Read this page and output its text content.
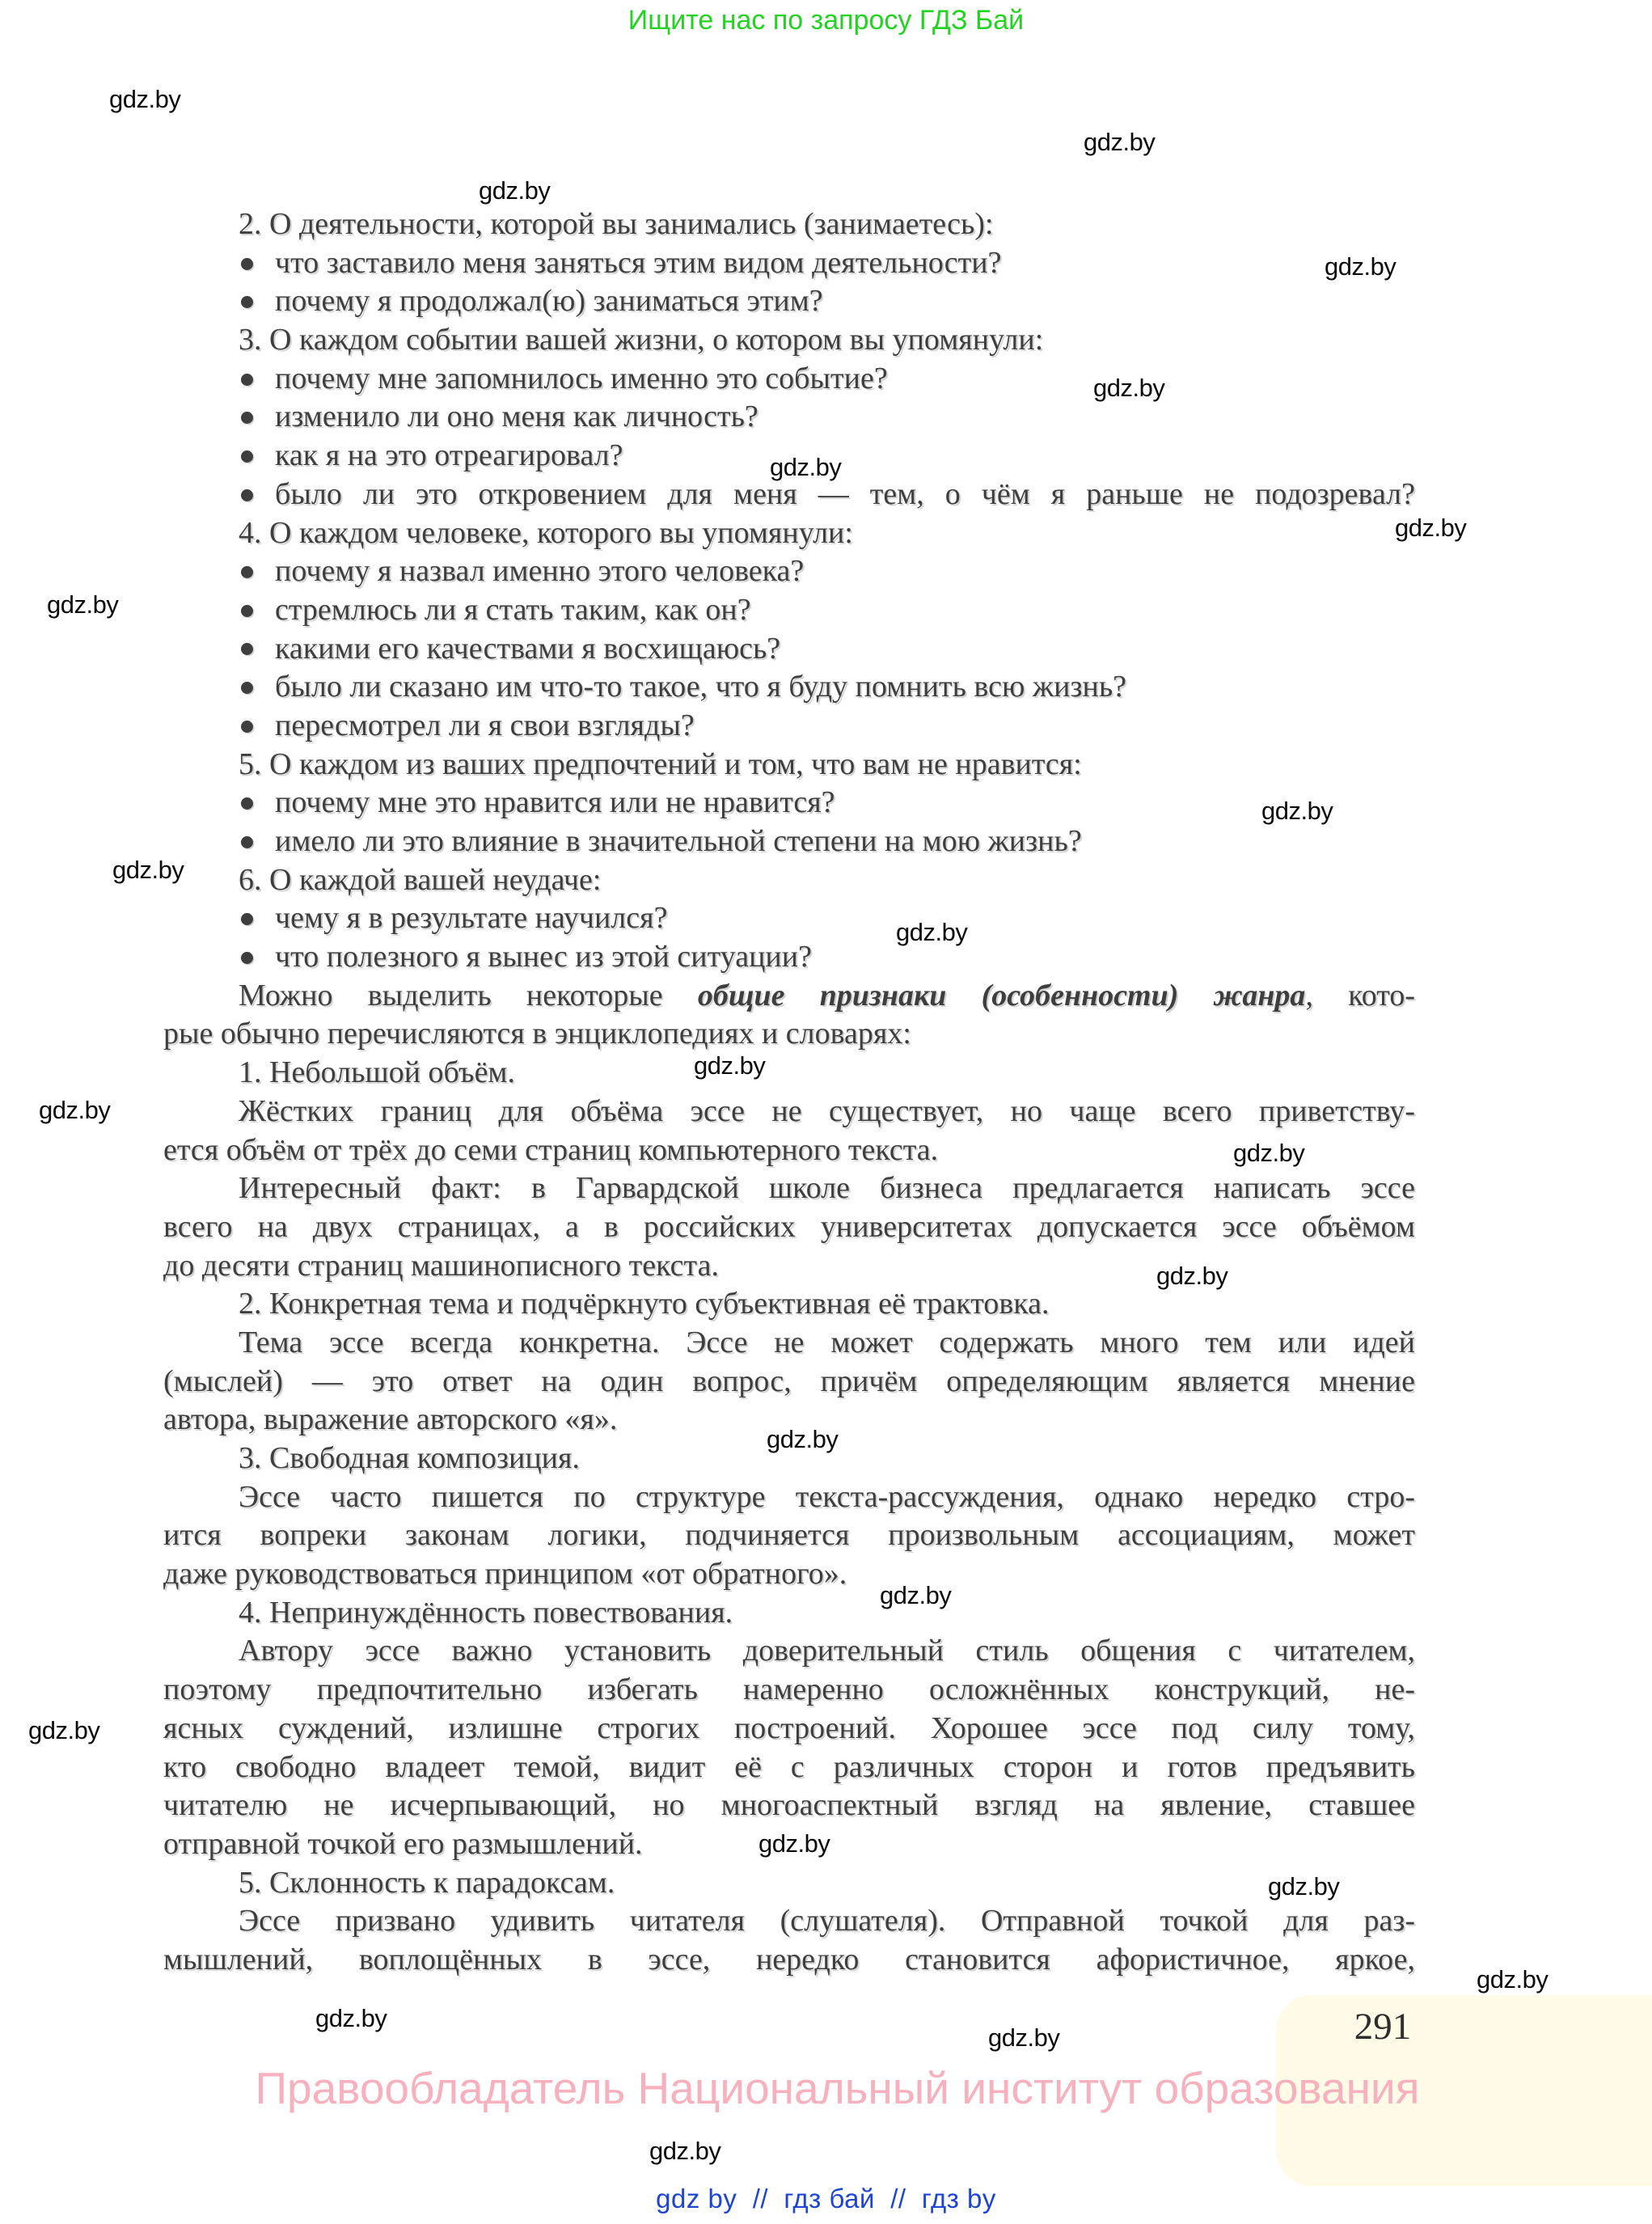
Ищите нас по запросу ГДЗ Бай
gdz.by
gdz.by
gdz.by
gdz.by
gdz.by
gdz.by
gdz.by
gdz.by
gdz.by
gdz.by
gdz.by
gdz.by
gdz.by
gdz.by
gdz.by
gdz.by
gdz.by
gdz.by
gdz.by
gdz.by
gdz.by
gdz.by
gdz.by
gdz.by
291
2. О деятельности, которой вы занимались (занимаетесь):
что заставило меня заняться этим видом деятельности?
почему я продолжал(ю) заниматься этим?
3. О каждом событии вашей жизни, о котором вы упомянули:
почему мне запомнилось именно это событие?
изменило ли оно меня как личность?
как я на это отреагировал?
было ли это откровением для меня — тем, о чём я раньше не подозревал?
4. О каждом человеке, которого вы упомянули:
почему я назвал именно этого человека?
стремлюсь ли я стать таким, как он?
какими его качествами я восхищаюсь?
было ли сказано им что-то такое, что я буду помнить всю жизнь?
пересмотрел ли я свои взгляды?
5. О каждом из ваших предпочтений и том, что вам не нравится:
почему мне это нравится или не нравится?
имело ли это влияние в значительной степени на мою жизнь?
6. О каждой вашей неудаче:
чему я в результате научился?
что полезного я вынес из этой ситуации?
Можно выделить некоторые общие признаки (особенности) жанра, кото-
рые обычно перечисляются в энциклопедиях и словарях:
1. Небольшой объём.
Жёстких границ для объёма эссе не существует, но чаще всего приветству-
ется объём от трёх до семи страниц компьютерного текста.
Интересный факт: в Гарвардской школе бизнеса предлагается написать эссе
всего на двух страницах, а в российских университетах допускается эссе объёмом
до десяти страниц машинописного текста.
2. Конкретная тема и подчёркнуто субъективная её трактовка.
Тема эссе всегда конкретна. Эссе не может содержать много тем или идей
(мыслей) — это ответ на один вопрос, причём определяющим является мнение
автора, выражение авторского «я».
3. Свободная композиция.
Эссе часто пишется по структуре текста-рассуждения, однако нередко стро-
ится вопреки законам логики, подчиняется произвольным ассоциациям, может
даже руководствоваться принципом «от обратного».
4. Непринуждённость повествования.
Автору эссе важно установить доверительный стиль общения с читателем,
поэтому предпочтительно избегать намеренно осложнённых конструкций, не-
ясных суждений, излишне строгих построений. Хорошее эссе под силу тому,
кто свободно владеет темой, видит её с различных сторон и готов предъявить
читателю не исчерпывающий, но многоаспектный взгляд на явление, ставшее
отправной точкой его размышлений.
5. Склонность к парадоксам.
Эссе призвано удивить читателя (слушателя). Отправной точкой для раз-
мышлений, воплощённых в эссе, нередко становится афористичное, яркое,
Правообладатель Национальный институт образования
gdz by  //  гдз бай  //  гдз by
